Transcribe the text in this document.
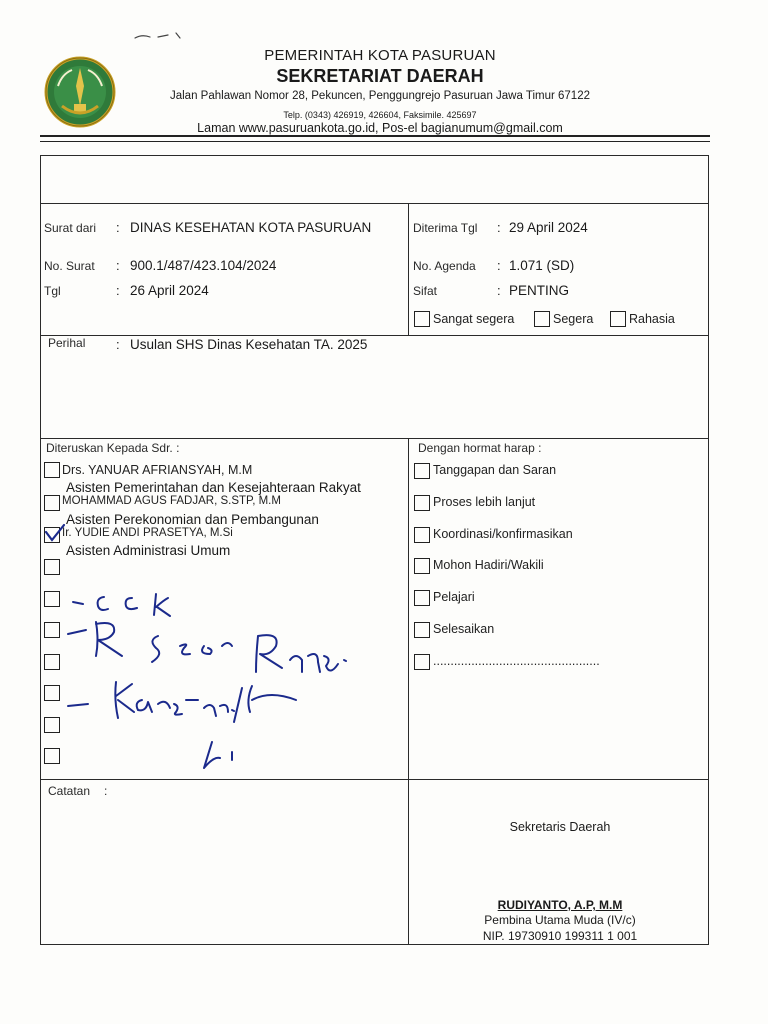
PEMERINTAH KOTA PASURUAN
SEKRETARIAT DAERAH
Jalan Pahlawan Nomor 28, Pekuncen, Penggungrejo Pasuruan Jawa Timur 67122
Telp. (0343) 426919, 426604, Faksimile. 425697
Laman www.pasuruankota.go.id, Pos-el bagianumum@gmail.com
Surat dari : DINAS KESEHATAN KOTA PASURUAN
No. Surat : 900.1/487/423.104/2024
Tgl	: 26 April 2024
Diterima Tgl : 29 April 2024
No. Agenda : 1.071 (SD)
Sifat	: PENTING
Sangat segera	Segera	Rahasia
Perihal : Usulan SHS Dinas Kesehatan TA. 2025
Diteruskan Kepada Sdr. :
Drs. YANUAR AFRIANSYAH, M.M
Asisten Pemerintahan dan Kesejahteraan Rakyat
MOHAMMAD AGUS FADJAR, S.STP, M.M
Asisten Perekonomian dan Pembangunan
Ir. YUDIE ANDI PRASETYA, M.Si
Asisten Administrasi Umum
Dengan hormat harap :
Tanggapan dan Saran
Proses lebih lanjut
Koordinasi/konfirmasikan
Mohon Hadiri/Wakili
Pelajari
Selesaikan
................................................
Catatan :
Sekretaris Daerah
RUDIYANTO, A.P, M.M
Pembina Utama Muda (IV/c)
NIP. 19730910 199311 1 001
